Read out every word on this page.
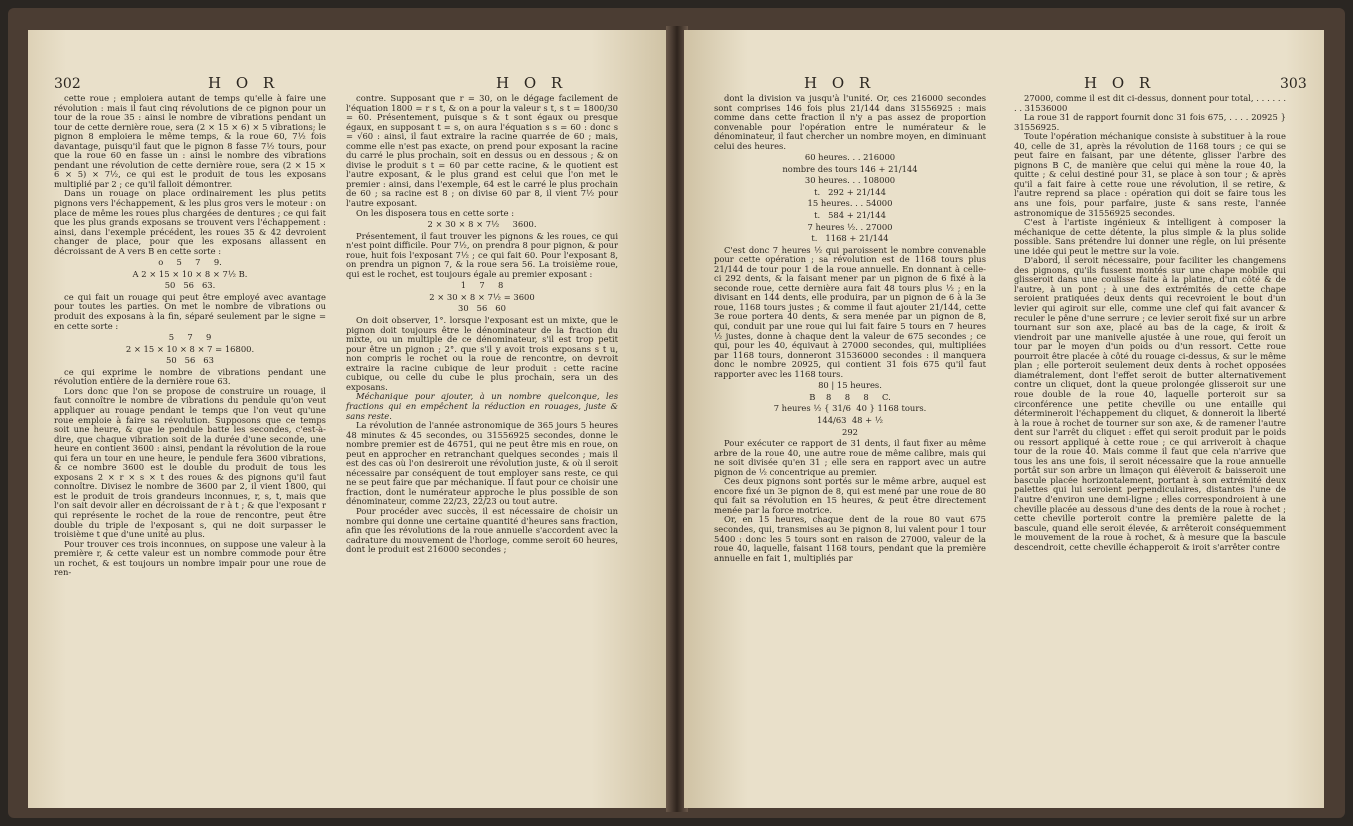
302	H O R	H O R

cette roue ; emploiera autant de temps qu'elle à faire une révolution : mais il faut cinq révolutions de ce pignon pour un tour de la roue 35 : ainsi le nombre de vibrations pendant un tour de cette dernière roue, sera (2 × 15 × 6) × 5 vibrations; le pignon 8 emploiera le même temps, & la roue 60, 7½ fois davantage, puisqu'il faut que le pignon 8 fasse 7½ tours, pour que la roue 60 en fasse un : ainsi le nombre des vibrations pendant une révolution de cette dernière roue, sera (2 × 15 × 6 × 5) × 7½, ce qui est le produit de tous les exposans multiplié par 2 ; ce qu'il falloit démontrer.

Dans un rouage on place ordinairement les plus petits pignons vers l'échappement, & les plus gros vers le moteur : on place de même les roues plus chargées de dentures ; ce qui fait que les plus grands exposans se trouvent vers l'échappement : ainsi, dans l'exemple précédent, les roues 35 & 42 devroient changer de place, pour que les exposans allassent en décroissant de A vers B en cette sorte :

o     5     7     9.

A 2 × 15 × 10 × 8 × 7½ B.

50   56   63.

ce qui fait un rouage qui peut être employé avec avantage pour toutes les parties. On met le nombre de vibrations ou produit des exposans à la fin, séparé seulement par le signe = en cette sorte :

5     7     9

2 × 15 × 10 × 8 × 7 = 16800.

50   56   63

ce qui exprime le nombre de vibrations pendant une révolution entière de la dernière roue 63.

Lors donc que l'on se propose de construire un rouage, il faut connoître le nombre de vibrations du pendule qu'on veut appliquer au rouage pendant le temps que l'on veut qu'une roue emploie à faire sa révolution. Supposons que ce temps soit une heure, & que le pendule batte les secondes, c'est-à-dire, que chaque vibration soit de la durée d'une seconde, une heure en contient 3600 : ainsi, pendant la révolution de la roue qui fera un tour en une heure, le pendule fera 3600 vibrations, & ce nombre 3600 est le double du produit de tous les exposans 2 × r × s × t des roues & des pignons qu'il faut connoître. Divisez le nombre de 3600 par 2, il vient 1800, qui est le produit de trois grandeurs inconnues, r, s, t, mais que l'on sait devoir aller en décroissant de r à t ; & que l'exposant r qui représente le rochet de la roue de rencontre, peut être double du triple de l'exposant s, qui ne doit surpasser le troisième t que d'une unité au plus.

Pour trouver ces trois inconnues, on suppose une valeur à la première r, & cette valeur est un nombre commode pour être un rochet, & est toujours un nombre impair pour une roue de ren-

contre. Supposant que r = 30, on le dégage facilement de l'équation 1800 = r s t, & on a pour la valeur s t, s t = 1800/30 = 60. Présentement, puisque s & t sont égaux ou presque égaux, en supposant t = s, on aura l'équation s s = 60 : donc s = √60 : ainsi, il faut extraire la racine quarrée de 60 ; mais, comme elle n'est pas exacte, on prend pour exposant la racine du carré le plus prochain, soit en dessus ou en dessous ; & on divise le produit s t = 60 par cette racine, & le quotient est l'autre exposant, & le plus grand est celui que l'on met le premier : ainsi, dans l'exemple, 64 est le carré le plus prochain de 60 ; sa racine est 8 ; on divise 60 par 8, il vient 7½ pour l'autre exposant.

On les disposera tous en cette sorte :

2 × 30 × 8 × 7½     3600.

Présentement, il faut trouver les pignons & les roues, ce qui n'est point difficile. Pour 7½, on prendra 8 pour pignon, & pour roue, huit fois l'exposant 7½ ; ce qui fait 60. Pour l'exposant 8, on prendra un pignon 7, & la roue sera 56. La troisième roue, qui est le rochet, est toujours égale au premier exposant :

1     7     8

2 × 30 × 8 × 7½ = 3600

30   56   60

On doit observer, 1°. lorsque l'exposant est un mixte, que le pignon doit toujours être le dénominateur de la fraction du mixte, ou un multiple de ce dénominateur, s'il est trop petit pour être un pignon ; 2°. que s'il y avoit trois exposans s t u, non compris le rochet ou la roue de rencontre, on devroit extraire la racine cubique de leur produit : cette racine cubique, ou celle du cube le plus prochain, sera un des exposans.

Méchanique pour ajouter, à un nombre quelconque, les fractions qui en empêchent la réduction en rouages, juste & sans reste.

La révolution de l'année astronomique de 365 jours 5 heures 48 minutes & 45 secondes, ou 31556925 secondes, donne le nombre premier est de 46751, qui ne peut être mis en roue, on peut en approcher en retranchant quelques secondes ; mais il est des cas où l'on desireroit une révolution juste, & où il seroit nécessaire par conséquent de tout employer sans reste, ce qui ne se peut faire que par méchanique. Il faut pour ce choisir une fraction, dont le numérateur approche le plus possible de son dénominateur, comme 22/23, 22/23 ou tout autre.

Pour procéder avec succès, il est nécessaire de choisir un nombre qui donne une certaine quantité d'heures sans fraction, afin que les révolutions de la roue annuelle s'accordent avec la cadrature du mouvement de l'horloge, comme seroit 60 heures, dont le produit est 216000 secondes ;

H O R	H O R	303

dont la division va jusqu'à l'unité. Or, ces 216000 secondes sont comprises 146 fois plus 21/144 dans 31556925 : mais comme dans cette fraction il n'y a pas assez de proportion convenable pour l'opération entre le numérateur & le dénominateur, il faut chercher un nombre moyen, en diminuant celui des heures.

60 heures. . . 216000

nombre des tours 146 + 21/144

30 heures. . . 108000

t.   292 + 21/144

15 heures. . . 54000

t.   584 + 21/144

7 heures ½. . 27000

t.   1168 + 21/144

C'est donc 7 heures ½ qui paroissent le nombre convenable pour cette opération ; sa révolution est de 1168 tours plus 21/144 de tour pour 1 de la roue annuelle. En donnant à celle-ci 292 dents, & la faisant mener par un pignon de 6 fixé à la seconde roue, cette dernière aura fait 48 tours plus ½ ; en la divisant en 144 dents, elle produira, par un pignon de 6 à la 3e roue, 1168 tours justes ; & comme il faut ajouter 21/144, cette 3e roue portera 40 dents, & sera menée par un pignon de 8, qui, conduit par une roue qui lui fait faire 5 tours en 7 heures ½ justes, donne à chaque dent la valeur de 675 secondes ; ce qui, pour les 40, équivaut à 27000 secondes, qui, multipliées par 1168 tours, donneront 31536000 secondes : il manquera donc le nombre 20925, qui contient 31 fois 675 qu'il faut rapporter avec les 1168 tours.

80 | 15 heures.

B    8     8     8     C.

7 heures ½ { 31/6  40 } 1168 tours.

144/63  48 + ½

292

Pour exécuter ce rapport de 31 dents, il faut fixer au même arbre de la roue 40, une autre roue de même calibre, mais qui ne soit divisée qu'en 31 ; elle sera en rapport avec un autre pignon de ½ concentrique au premier.

Ces deux pignons sont portés sur le même arbre, auquel est encore fixé un 3e pignon de 8, qui est mené par une roue de 80 qui fait sa révolution en 15 heures, & peut être directement menée par la force motrice.

Or, en 15 heures, chaque dent de la roue 80 vaut 675 secondes, qui, transmises au 3e pignon 8, lui valent pour 1 tour 5400 : donc les 5 tours sont en raison de 27000, valeur de la roue 40, laquelle, faisant 1168 tours, pendant que la première annuelle en fait 1, multipliés par

27000, comme il est dit ci-dessus, donnent pour total, . . . . . . . . 31536000

La roue 31 de rapport fournit donc 31 fois 675, . . . . 20925 } 31556925.

Toute l'opération méchanique consiste à substituer à la roue 40, celle de 31, après la révolution de 1168 tours ; ce qui se peut faire en faisant, par une détente, glisser l'arbre des pignons B C, de manière que celui qui mène la roue 40, la quitte ; & celui destiné pour 31, se place à son tour ; & après qu'il a fait faire à cette roue une révolution, il se retire, & l'autre reprend sa place : opération qui doit se faire tous les ans une fois, pour parfaire, juste & sans reste, l'année astronomique de 31556925 secondes.

C'est à l'artiste ingénieux & intelligent à composer la méchanique de cette détente, la plus simple & la plus solide possible. Sans prétendre lui donner une règle, on lui présente une idée qui peut le mettre sur la voie.

D'abord, il seroit nécessaire, pour faciliter les changemens des pignons, qu'ils fussent montés sur une chape mobile qui glisseroit dans une coulisse faite à la platine, d'un côté & de l'autre, à un pont ; à une des extrémités de cette chape seroient pratiquées deux dents qui recevroient le bout d'un levier qui agiroit sur elle, comme une clef qui fait avancer & reculer le pêne d'une serrure ; ce levier seroit fixé sur un arbre tournant sur son axe, placé au bas de la cage, & iroit & viendroit par une manivelle ajustée à une roue, qui feroit un tour par le moyen d'un poids ou d'un ressort. Cette roue pourroit être placée à côté du rouage ci-dessus, & sur le même plan ; elle porteroit seulement deux dents à rochet opposées diamétralement, dont l'effet seroit de butter alternativement contre un cliquet, dont la queue prolongée glisseroit sur une roue double de la roue 40, laquelle porteroit sur sa circonférence une petite cheville ou une entaille qui détermineroit l'échappement du cliquet, & donneroit la liberté à la roue à rochet de tourner sur son axe, & de ramener l'autre dent sur l'arrêt du cliquet : effet qui seroit produit par le poids ou ressort appliqué à cette roue ; ce qui arriveroit à chaque tour de la roue 40. Mais comme il faut que cela n'arrive que tous les ans une fois, il seroit nécessaire que la roue annuelle portât sur son arbre un limaçon qui élèveroit & baisseroit une bascule placée horizontalement, portant à son extrémité deux palettes qui lui seroient perpendiculaires, distantes l'une de l'autre d'environ une demi-ligne ; elles correspondroient à une cheville placée au dessous d'une des dents de la roue à rochet ; cette cheville porteroit contre la première palette de la bascule, quand elle seroit élevée, & arrêteroit conséquemment le mouvement de la roue à rochet, & à mesure que la bascule descendroit, cette cheville échapperoit & iroit s'arrêter contre
